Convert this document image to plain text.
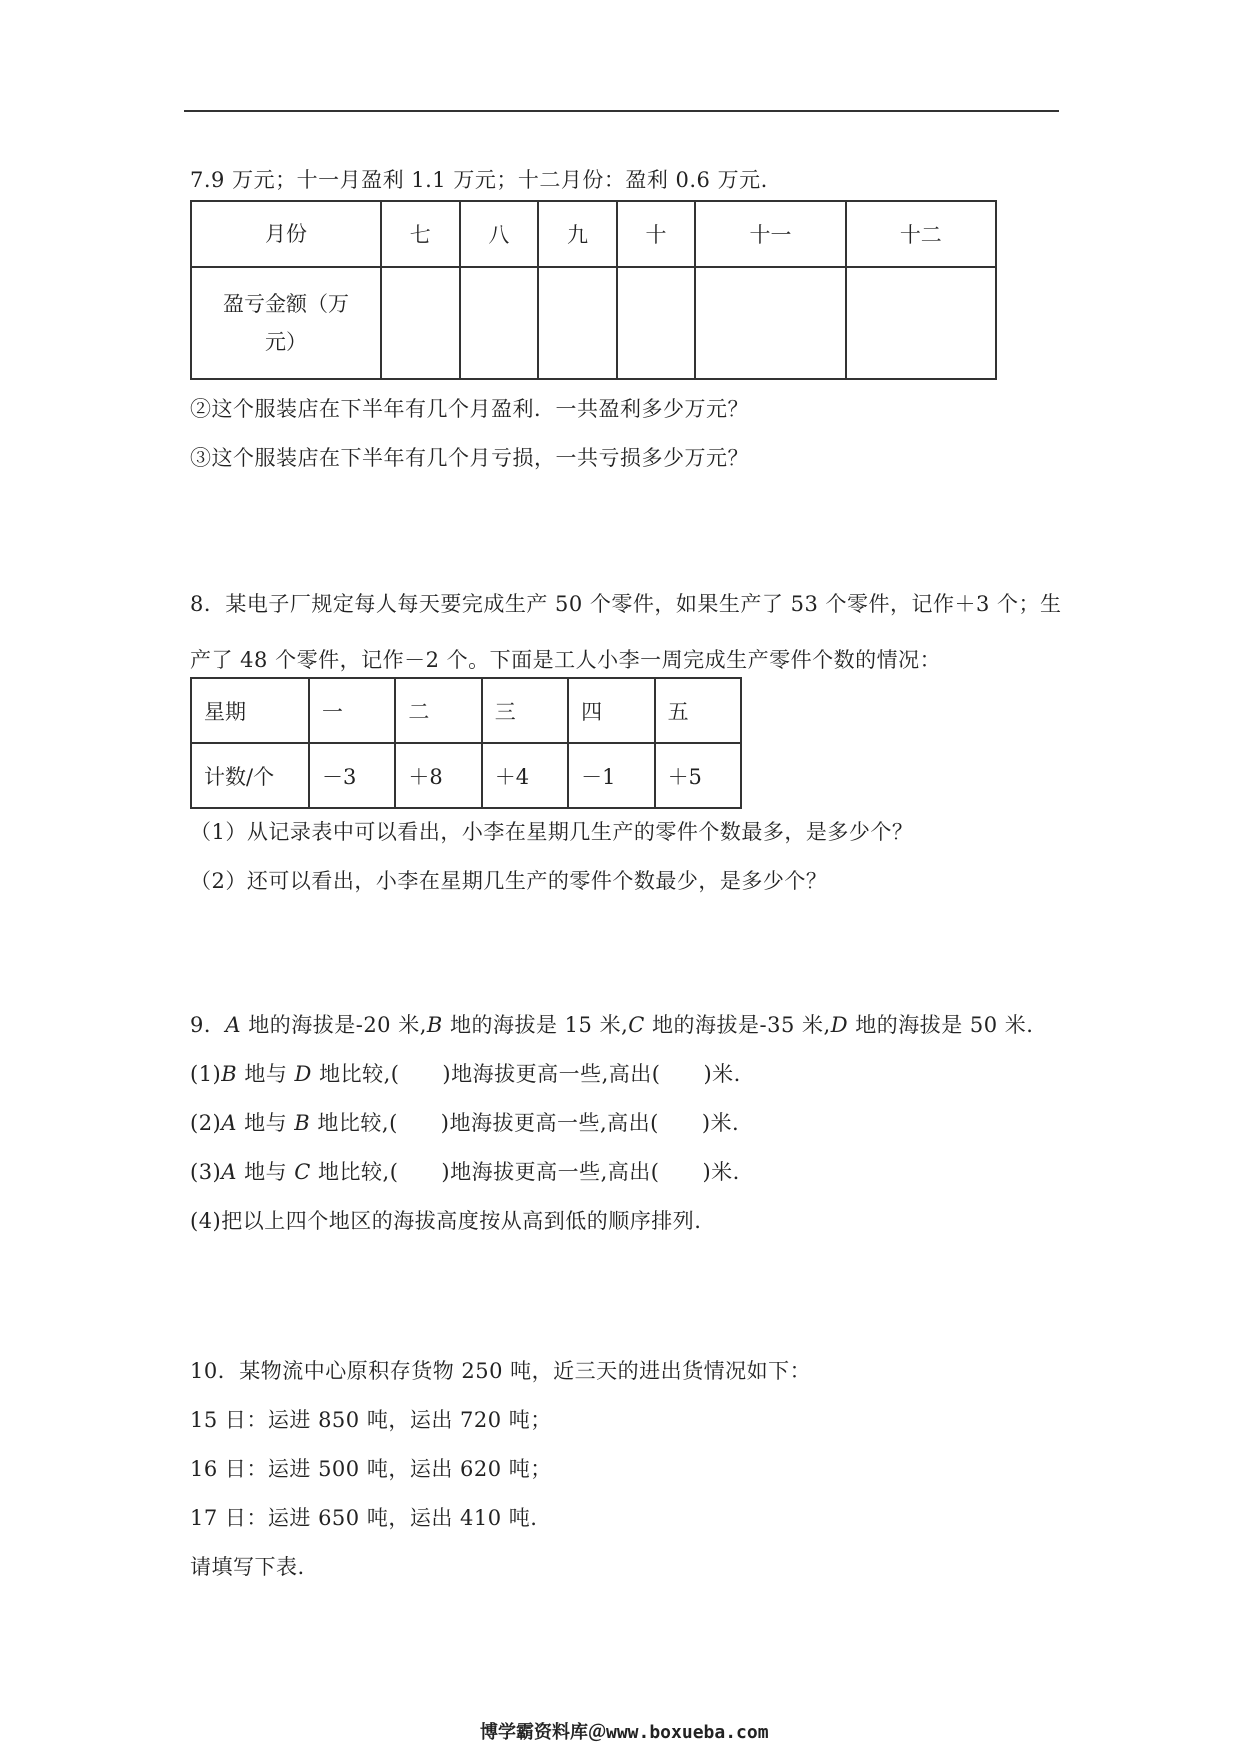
7.9 万元；十一月盈利 1.1 万元；十二月份：盈利 0.6 万元.
月份	七	八	九	十	十一	十二

盈亏金额（万
元）						

②这个服装店在下半年有几个月盈利．一共盈利多少万元？
③这个服装店在下半年有几个月亏损，一共亏损多少万元？
8．某电子厂规定每人每天要完成生产 50 个零件，如果生产了 53 个零件，记作＋3 个；生
产了 48 个零件，记作－2 个。下面是工人小李一周完成生产零件个数的情况：
星期	一	二	三	四	五
计数/个	－3	＋8	＋4	－1	＋5
（1）从记录表中可以看出，小李在星期几生产的零件个数最多，是多少个？
（2）还可以看出，小李在星期几生产的零件个数最少，是多少个？
9．A 地的海拔是-20 米,B 地的海拔是 15 米,C 地的海拔是-35 米,D 地的海拔是 50 米.
(1)B 地与 D 地比较,(　　)地海拔更高一些,高出(　　)米.
(2)A 地与 B 地比较,(　　)地海拔更高一些,高出(　　)米.
(3)A 地与 C 地比较,(　　)地海拔更高一些,高出(　　)米.
(4)把以上四个地区的海拔高度按从高到低的顺序排列.
10．某物流中心原积存货物 250 吨，近三天的进出货情况如下：
15 日：运进 850 吨，运出 720 吨；
16 日：运进 500 吨，运出 620 吨；
17 日：运进 650 吨，运出 410 吨.
请填写下表.
博学霸资料库＠www.boxueba.com
